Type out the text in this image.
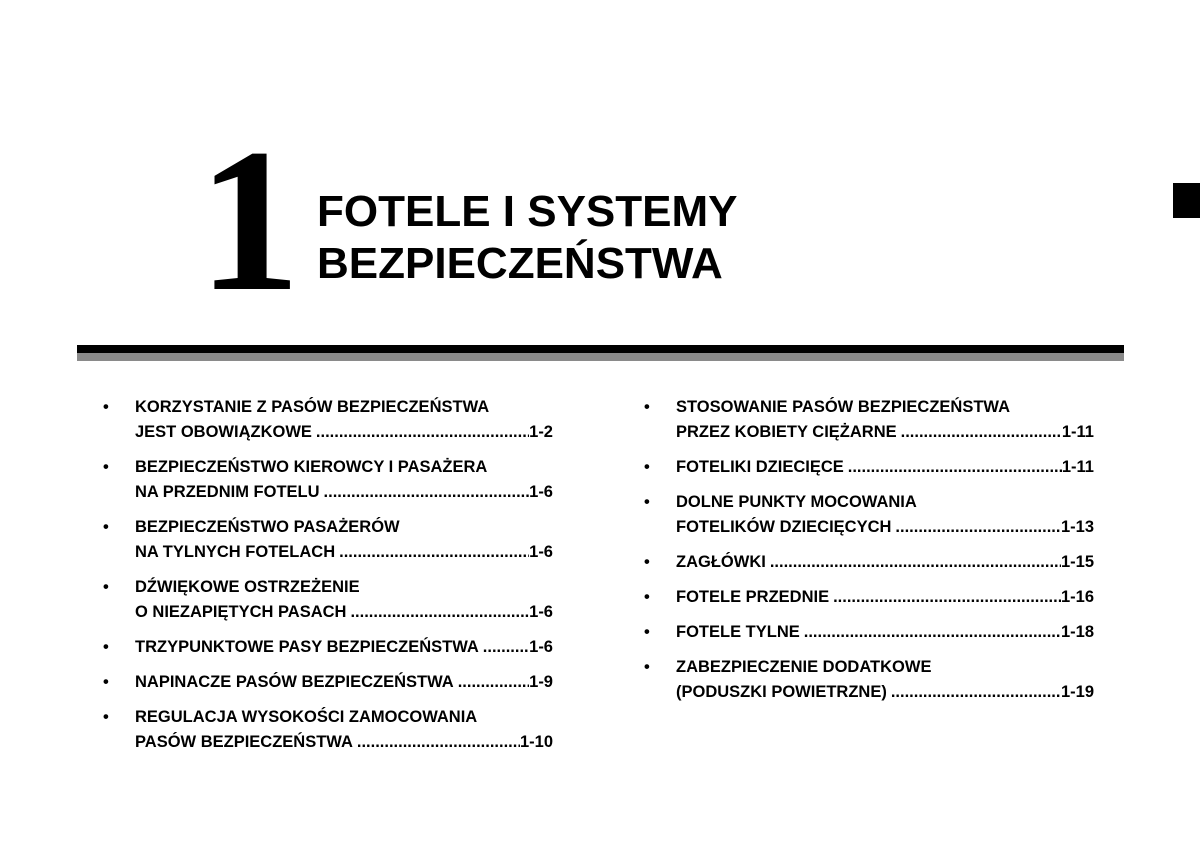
1 FOTELE I SYSTEMY
BEZPIECZEŃSTWA
• KORZYSTANIE Z PASÓW BEZPIECZEŃSTWA
JEST OBOWIĄZKOWE .....	1-2
• BEZPIECZEŃSTWO KIEROWCY I PASAŻERA
NA PRZEDNIM FOTELU .....	1-6
• BEZPIECZEŃSTWO PASAŻERÓW
NA TYLNYCH FOTELACH .....	1-6
• DŹWIĘKOWE OSTRZEŻENIE
O NIEZAPIĘTYCH PASACH .....	1-6
• TRZYPUNKTOWE PASY BEZPIECZEŃSTWA .....	1-6
• NAPINACZE PASÓW BEZPIECZEŃSTWA .....	1-9
• REGULACJA WYSOKOŚCI ZAMOCOWANIA
PASÓW BEZPIECZEŃSTWA .....	1-10
• STOSOWANIE PASÓW BEZPIECZEŃSTWA
PRZEZ KOBIETY CIĘŻARNE .....	1-11
• FOTELIKI DZIECIĘCE .....	1-11
• DOLNE PUNKTY MOCOWANIA
FOTELIKÓW DZIECIĘCYCH .....	1-13
• ZAGŁÓWKI .....	1-15
• FOTELE PRZEDNIE .....	1-16
• FOTELE TYLNE .....	1-18
• ZABEZPIECZENIE DODATKOWE
(PODUSZKI POWIETRZNE) .....	1-19
